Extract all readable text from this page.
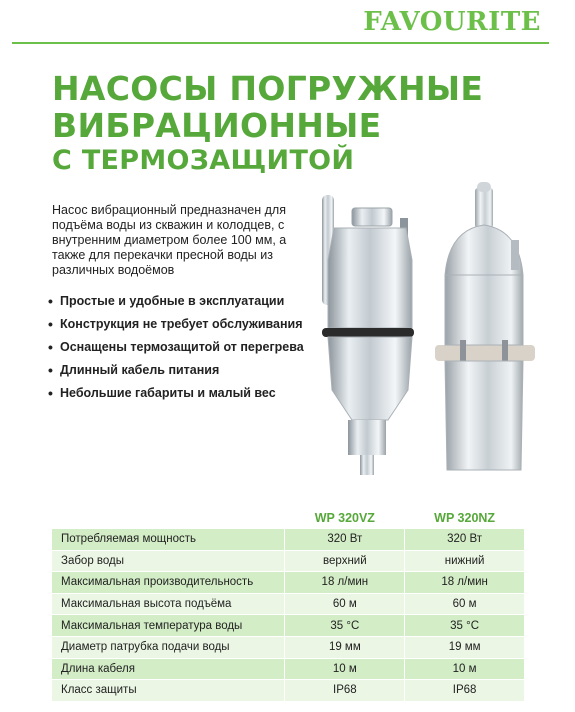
FAVOURITE
НАСОСЫ ПОГРУЖНЫЕ
ВИБРАЦИОННЫЕ
С ТЕРМОЗАЩИТОЙ

Насос вибрационный предназначен для подъёма воды из скважин и колодцев, с внутренним диаметром более 100 мм, а также для перекачки пресной воды из различных водоёмов

• Простые и удобные в эксплуатации
• Конструкция не требует обслуживания
• Оснащены термозащитой от перегрева
• Длинный кабель питания
• Небольшие габариты и малый вес
	WP 320VZ	WP 320NZ
Потребляемая мощность	320 Вт	320 Вт
Забор воды	верхний	нижний
Максимальная производительность	18 л/мин	18 л/мин
Максимальная высота подъёма	60 м	60 м
Максимальная температура воды	35 °С	35 °С
Диаметр патрубка подачи воды	19 мм	19 мм
Длина кабеля	10 м	10 м
Класс защиты	IP68	IP68
